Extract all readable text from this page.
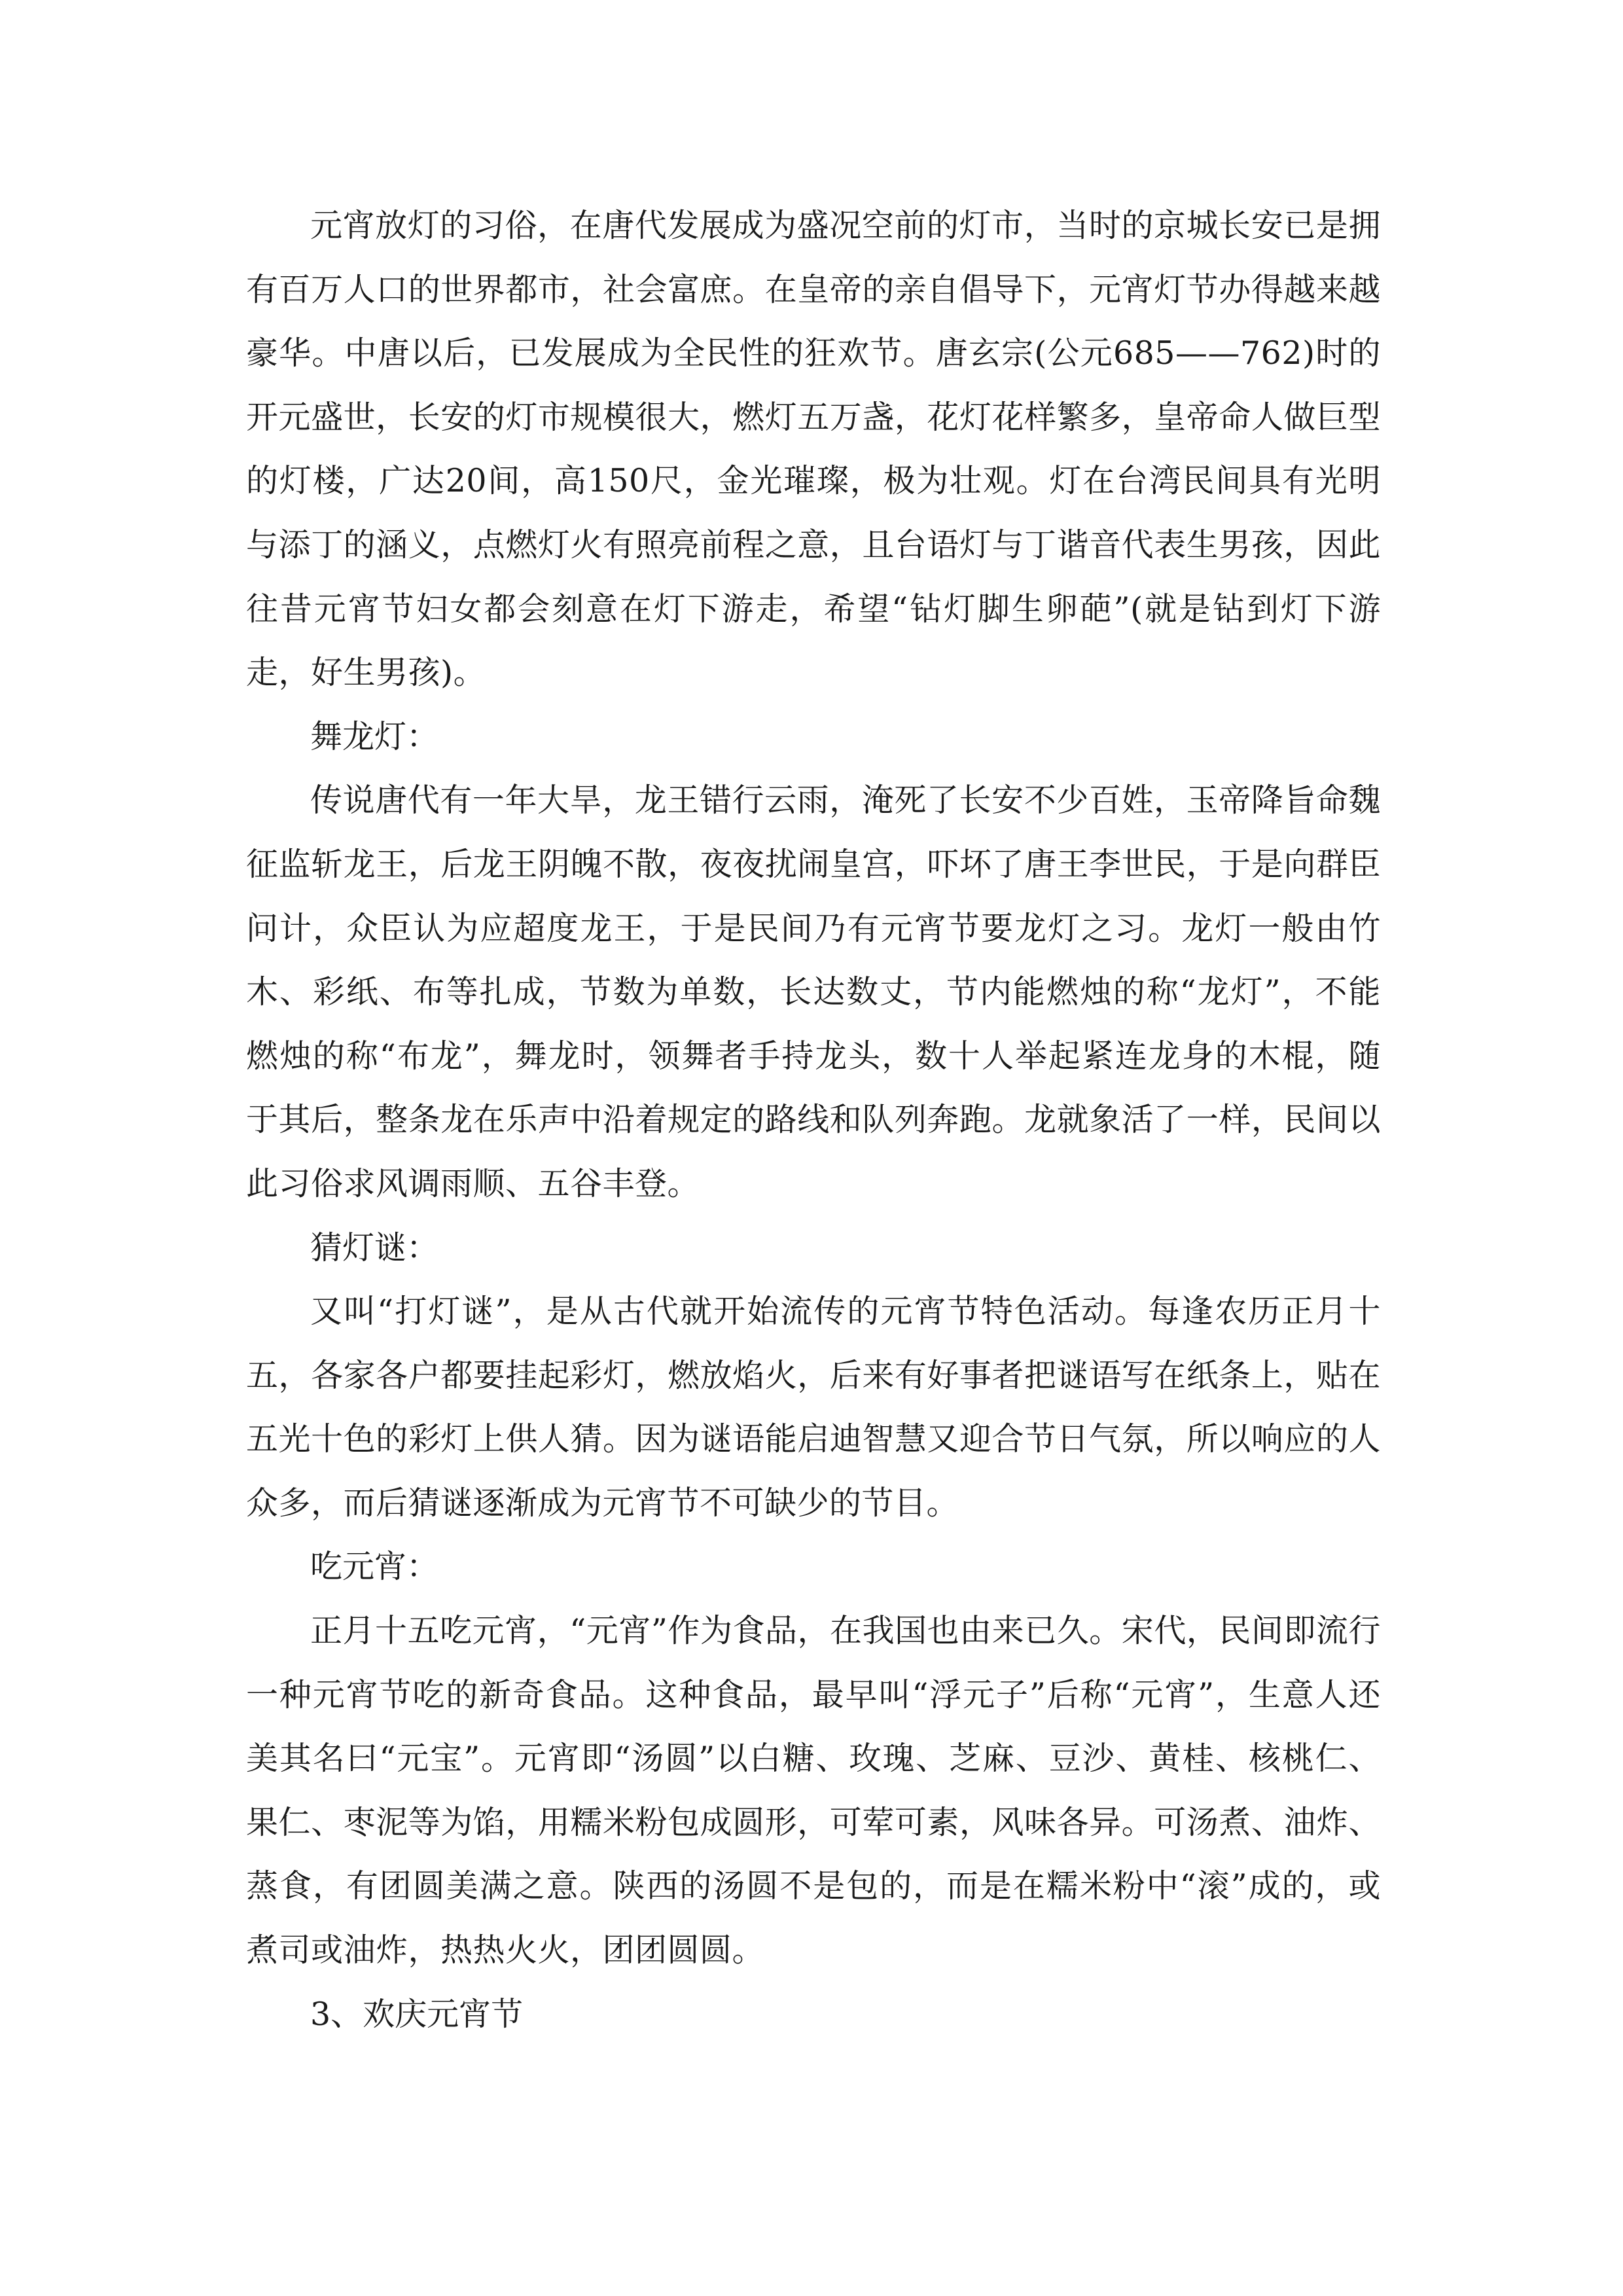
元宵放灯的习俗，在唐代发展成为盛况空前的灯市，当时的京城长安已是拥有百万人口的世界都市，社会富庶。在皇帝的亲自倡导下，元宵灯节办得越来越豪华。中唐以后，已发展成为全民性的狂欢节。唐玄宗(公元685——762)时的开元盛世，长安的灯市规模很大，燃灯五万盏，花灯花样繁多，皇帝命人做巨型的灯楼，广达20间，高150尺，金光璀璨，极为壮观。灯在台湾民间具有光明与添丁的涵义，点燃灯火有照亮前程之意，且台语灯与丁谐音代表生男孩，因此往昔元宵节妇女都会刻意在灯下游走，希望“钻灯脚生卵葩”(就是钻到灯下游走，好生男孩)。

舞龙灯：

传说唐代有一年大旱，龙王错行云雨，淹死了长安不少百姓，玉帝降旨命魏征监斩龙王，后龙王阴魄不散，夜夜扰闹皇宫，吓坏了唐王李世民，于是向群臣问计，众臣认为应超度龙王，于是民间乃有元宵节要龙灯之习。龙灯一般由竹木、彩纸、布等扎成，节数为单数，长达数丈，节内能燃烛的称“龙灯”，不能燃烛的称“布龙”，舞龙时，领舞者手持龙头，数十人举起紧连龙身的木棍，随于其后，整条龙在乐声中沿着规定的路线和队列奔跑。龙就象活了一样，民间以此习俗求风调雨顺、五谷丰登。

猜灯谜：

又叫“打灯谜”，是从古代就开始流传的元宵节特色活动。每逢农历正月十五，各家各户都要挂起彩灯，燃放焰火，后来有好事者把谜语写在纸条上，贴在五光十色的彩灯上供人猜。因为谜语能启迪智慧又迎合节日气氛，所以响应的人众多，而后猜谜逐渐成为元宵节不可缺少的节目。

吃元宵：

正月十五吃元宵，“元宵”作为食品，在我国也由来已久。宋代，民间即流行一种元宵节吃的新奇食品。这种食品，最早叫“浮元子”后称“元宵”，生意人还美其名曰“元宝”。元宵即“汤圆”以白糖、玫瑰、芝麻、豆沙、黄桂、核桃仁、果仁、枣泥等为馅，用糯米粉包成圆形，可荤可素，风味各异。可汤煮、油炸、蒸食，有团圆美满之意。陕西的汤圆不是包的，而是在糯米粉中“滚”成的，或煮司或油炸，热热火火，团团圆圆。

3、欢庆元宵节
